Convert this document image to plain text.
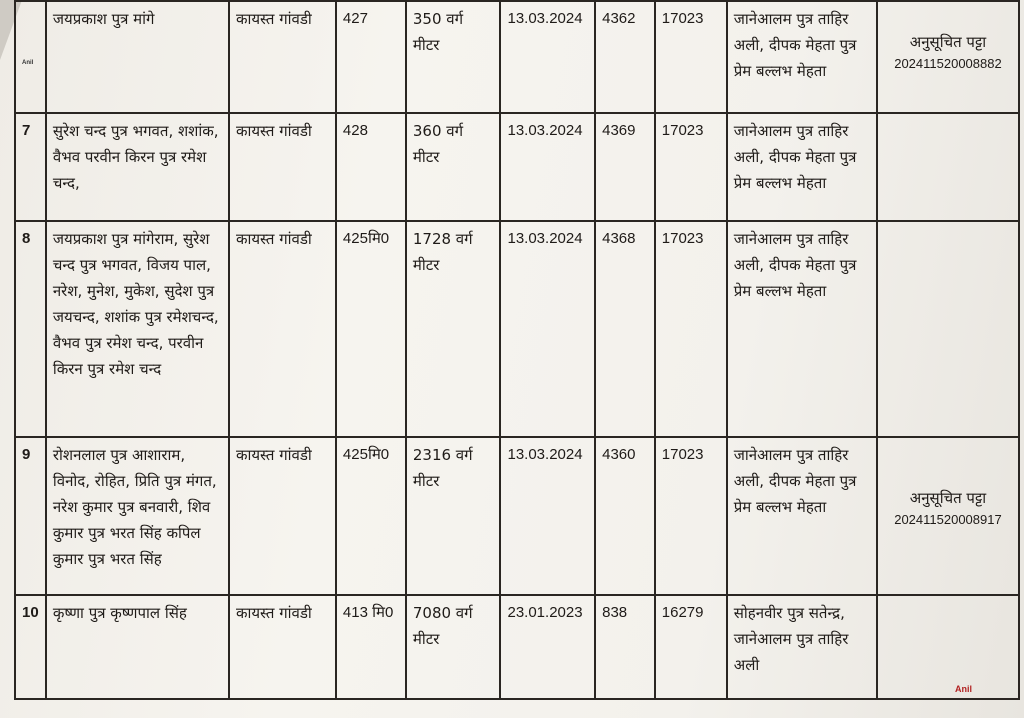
Anil	जयप्रकाश पुत्र मांगे	कायस्त गांवडी	427	350 वर्ग मीटर	13.03.2024	4362	17023	जानेआलम पुत्र ताहिर अली, दीपक मेहता पुत्र प्रेम बल्लभ मेहता	अनुसूचित पट्टा
202411520008882

7	सुरेश चन्द पुत्र भगवत, शशांक, वैभव परवीन किरन पुत्र रमेश चन्द,	कायस्त गांवडी	428	360 वर्ग मीटर	13.03.2024	4369	17023	जानेआलम पुत्र ताहिर अली, दीपक मेहता पुत्र प्रेम बल्लभ मेहता	

8	जयप्रकाश पुत्र मांगेराम, सुरेश चन्द पुत्र भगवत, विजय पाल, नरेश, मुनेश, मुकेश, सुदेश पुत्र जयचन्द, शशांक पुत्र रमेशचन्द, वैभव पुत्र रमेश चन्द, परवीन किरन पुत्र रमेश चन्द	कायस्त गांवडी	425मि0	1728 वर्ग मीटर	13.03.2024	4368	17023	जानेआलम पुत्र ताहिर अली, दीपक मेहता पुत्र प्रेम बल्लभ मेहता	

9	रोशनलाल पुत्र आशाराम, विनोद, रोहित, प्रिति पुत्र मंगत, नरेश कुमार पुत्र बनवारी, शिव कुमार पुत्र भरत सिंह कपिल कुमार पुत्र भरत सिंह	कायस्त गांवडी	425मि0	2316 वर्ग मीटर	13.03.2024	4360	17023	जानेआलम पुत्र ताहिर अली, दीपक मेहता पुत्र प्रेम बल्लभ मेहता	अनुसूचित पट्टा
202411520008917

10	कृष्णा पुत्र कृष्णपाल सिंह	कायस्त गांवडी	413 मि0	7080 वर्ग मीटर	23.01.2023	838	16279	सोहनवीर पुत्र सतेन्द्र, जानेआलम पुत्र ताहिर अली	
Anil
